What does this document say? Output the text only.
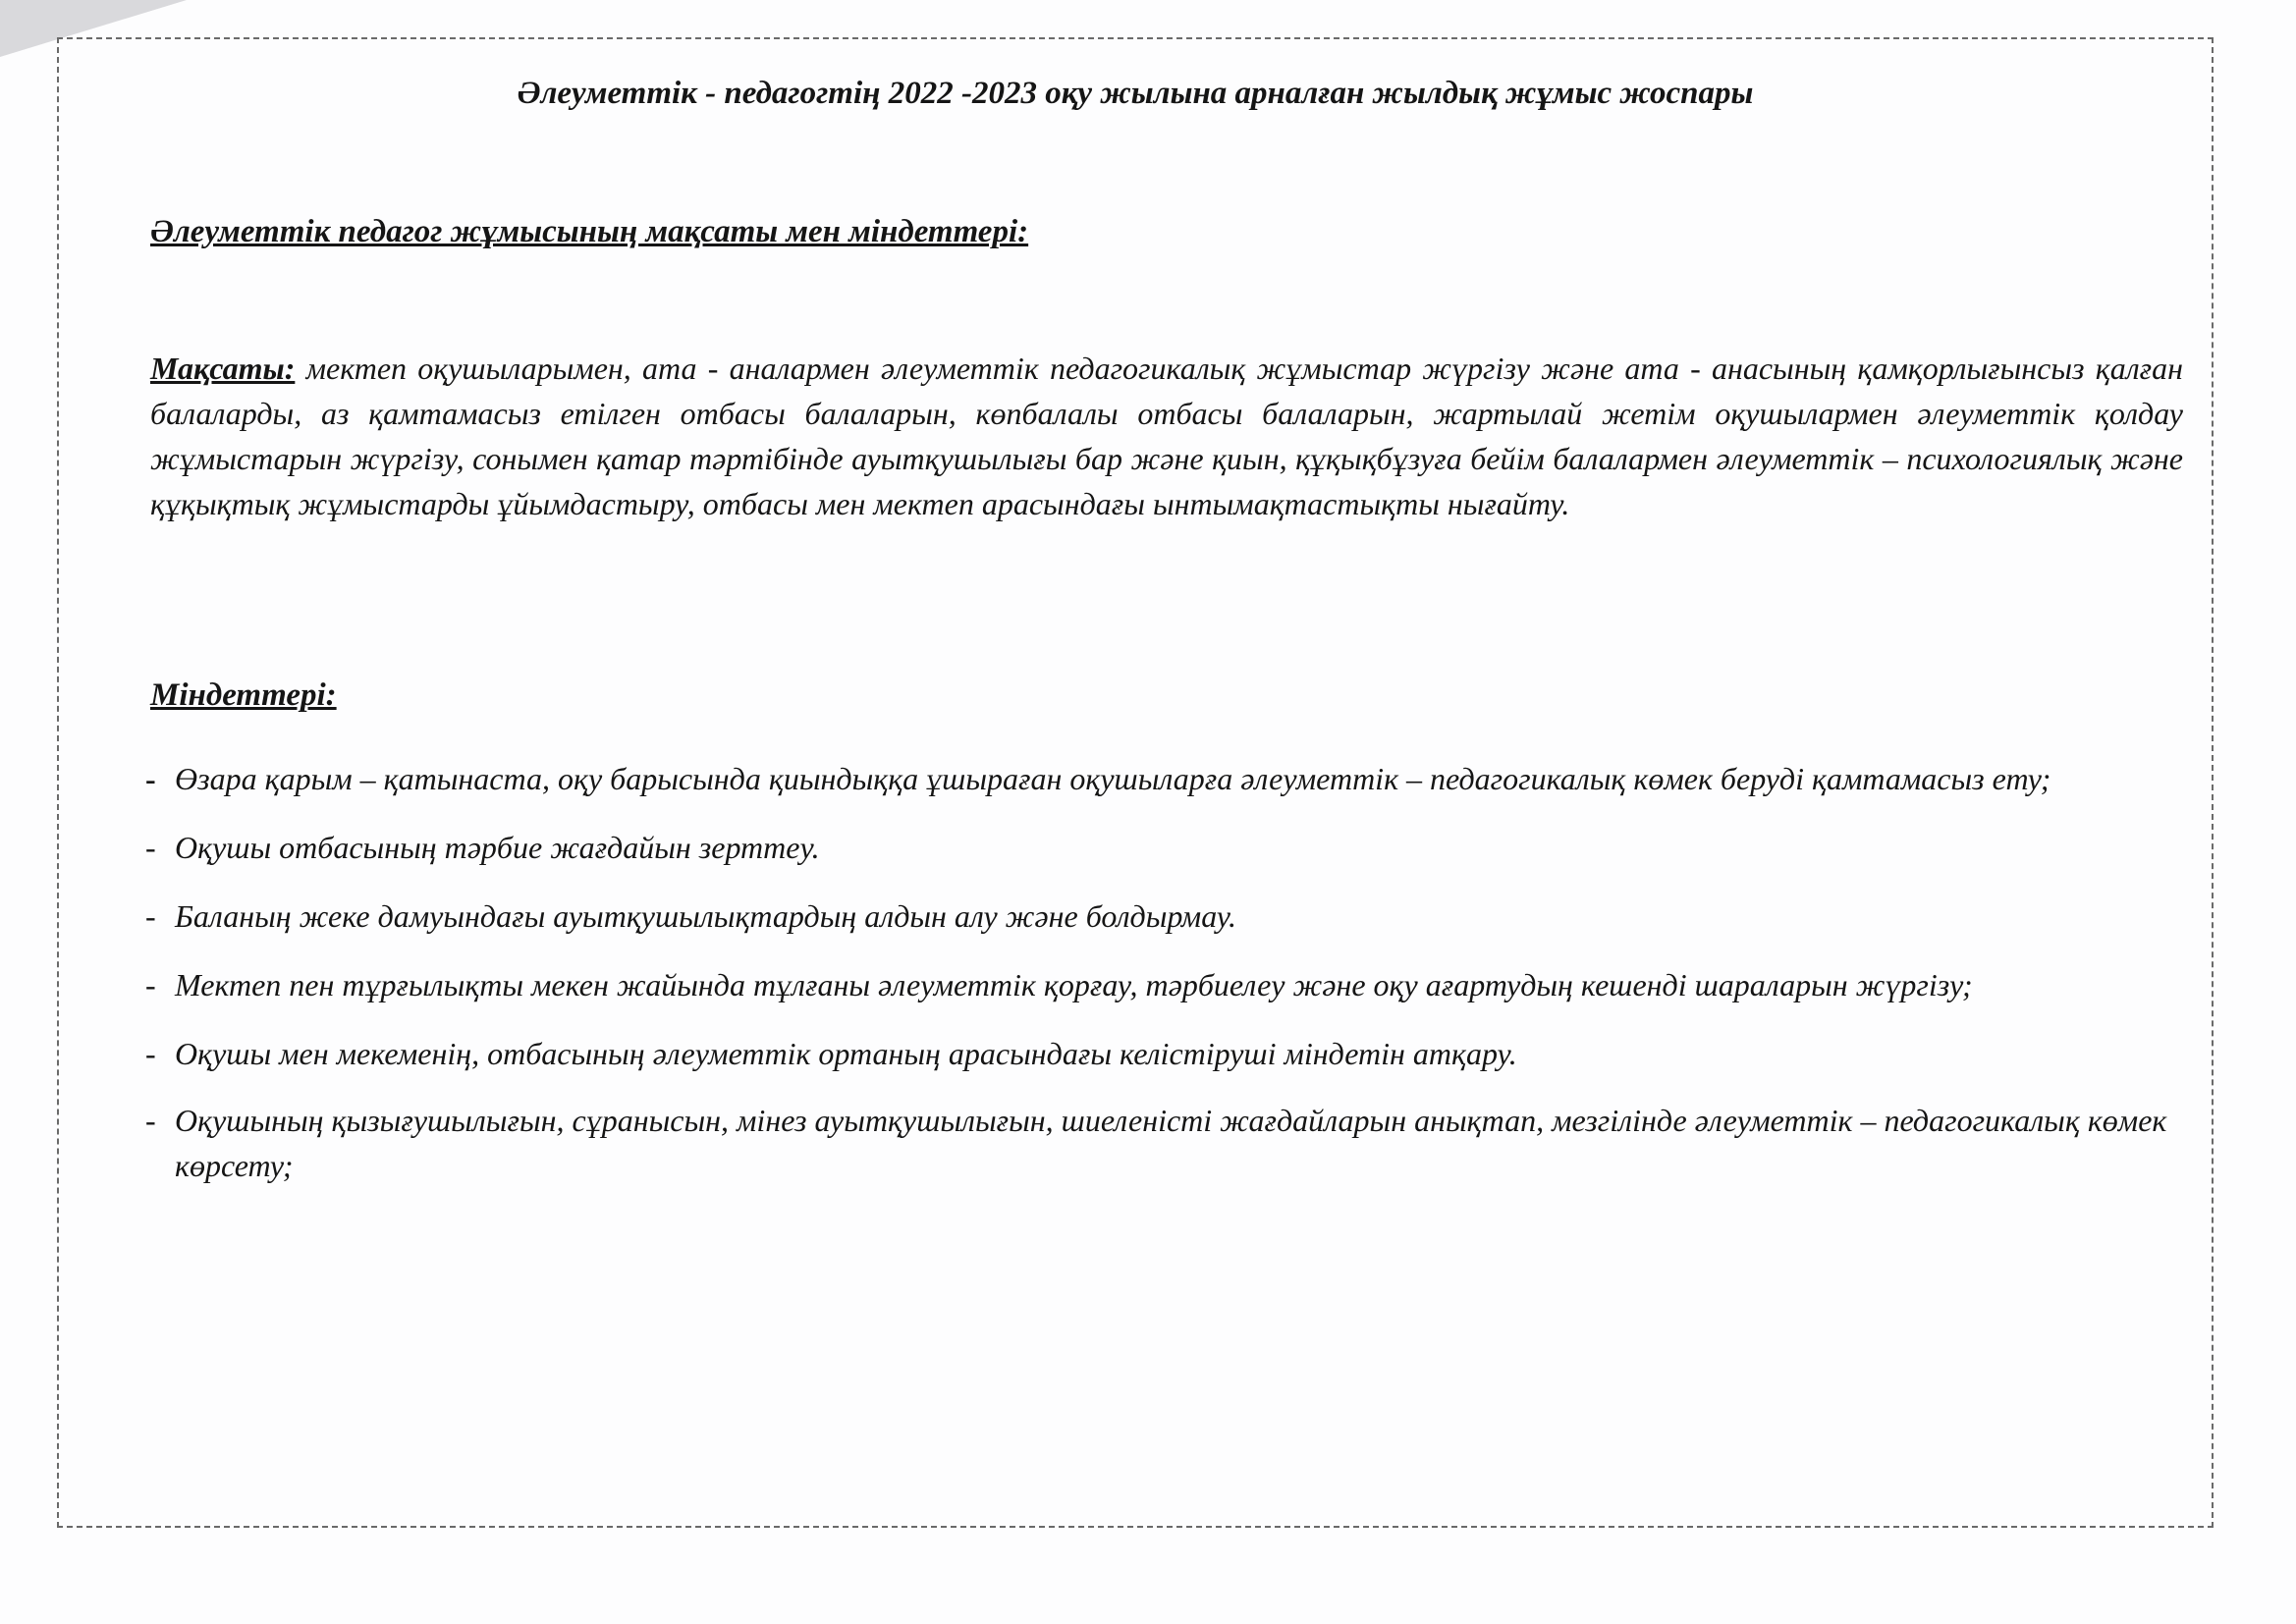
Әлеуметтік - педагогтің 2022 -2023 оқу жылына арналған жылдық жұмыс жоспары
Әлеуметтік педагог жұмысының мақсаты мен міндеттері:

Мақсаты: мектеп оқушыларымен, ата - аналармен әлеуметтік педагогикалық жұмыстар жүргізу және ата - анасының қамқорлығынсыз қалған балаларды, аз қамтамасыз етілген отбасы балаларын, көпбалалы отбасы балаларын, жартылай жетім оқушылармен әлеуметтік қолдау жұмыстарын жүргізу, сонымен қатар тәртібінде ауытқушылығы бар және қиын, құқықбұзуға бейім балалармен әлеуметтік – психологиялық және құқықтық жұмыстарды ұйымдастыру, отбасы мен мектеп арасындағы ынтымақтастықты нығайту.

Міндеттері:
- Өзара қарым – қатынаста, оқу барысында қиындыққа ұшыраған оқушыларға әлеуметтік – педагогикалық көмек беруді қамтамасыз ету;
- Оқушы отбасының тәрбие жағдайын зерттеу.
- Баланың жеке дамуындағы ауытқушылықтардың алдын алу және болдырмау.
- Мектеп пен тұрғылықты мекен жайында тұлғаны әлеуметтік қорғау, тәрбиелеу және оқу ағартудың кешенді шараларын жүргізу;
- Оқушы мен мекеменің, отбасының әлеуметтік ортаның арасындағы келістіруші міндетін атқару.
- Оқушының қызығушылығын, сұранысын, мінез ауытқушылығын, шиеленісті жағдайларын анықтап, мезгілінде әлеуметтік – педагогикалық көмек көрсету;
